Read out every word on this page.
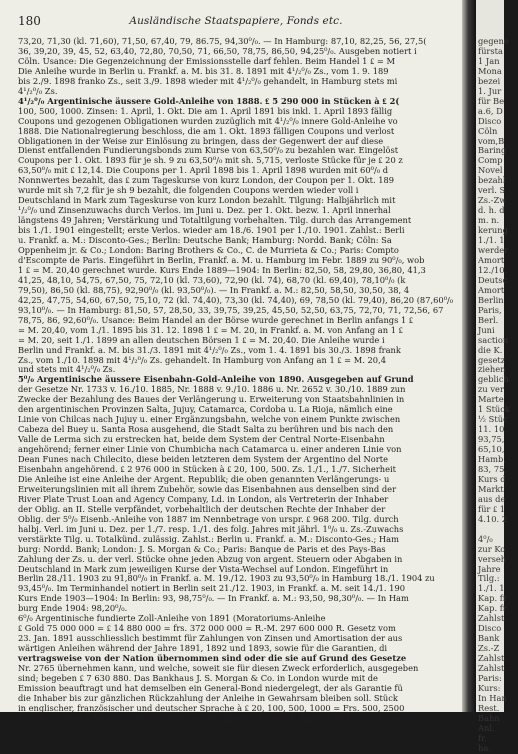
180	Ausländische Staatspapiere, Fonds etc.
73,20, 71,30 (kl. 71,60), 71,50, 67,40, 79, 86.75, 94,30⁰/₀. — In Hamburg: 87,10, 82,25, 56, 27,5(
36, 39,20, 39, 45, 52, 63,40, 72,80, 70,50, 71, 66,50, 78,75, 86,50, 94,25⁰/₀. Ausgeben notiert i
Cöln. Usance: Die Gegenzeichnung der Emissionsstelle darf fehlen. Beim Handel 1 ₤ = M
Die Anleihe wurde in Berlin u. Frankf. a. M. bis 31. 8. 1891 mit 4¹/₂⁰/₀ Zs., vom 1. 9. 189
bis 2./9. 1898 franko Zs., seit 3./9. 1898 wieder mit 4¹/₂⁰/₀ gehandelt, in Hamburg stets mi
4¹/₂⁰/₀ Zs.
4¹/₂⁰/₀ Argentinische äussere Gold-Anleihe von 1888. ₤ 5 290 000 in Stücken à ₤ 2(
100, 500, 1000. Zinsen: 1. April, 1. Okt. Die am 1. April 1891 bis inkl. 1. April 1893 fällig
Coupons und gezogenen Obligationen wurden zuzüglich mit 4¹/₂⁰/₀ innere Gold-Anleihe vo
1888. Die Nationalregierung beschloss, die am 1. Okt. 1893 fälligen Coupons und verlost
Obligationen in der Weise zur Einlösung zu bringen, dass der Gegenwert der auf diese
Dienst entfallenden Fundierungsbonds zum Kurse von 63,50⁰/₀ zu bezahlen war. Eingelöst
Coupons per 1. Okt. 1893 für je sh. 9 zu 63,50⁰/₀ mit sh. 5,715, verloste Stücke für je ₤ 20 z
63,50⁰/₀ mit ₤ 12,14. Die Coupons per 1. April 1898 bis 1. April 1898 wurden mit 60⁰/₀ d
Nonnwertes bezahlt, das ₤ zum Tageskurse von kurz London, der Coupon per 1. Okt. 189
wurde mit sh 7,2 für je sh 9 bezahlt, die folgenden Coupons werden wieder voll i
Deutschland in Mark zum Tageskurse von kurz London bezahlt. Tilgung: Halbjährlich mit
¹/₂⁰/₀ und Zinsenzuwachs durch Verlos. im Juni u. Dez. per 1. Okt. bezw. 1. April innerhal
längstens 49 Jahren; Verstärkung und Totaltilgung vorbehalten. Tilg. durch das Arrangement
bis 1./1. 1901 eingestellt; erste Verlos. wieder am 18./6. 1901 per 1./10. 1901. Zahlst.: Berli
u. Frankf. a. M.: Disconto-Ges.; Berlin: Deutsche Bank; Hamburg: Nordd. Bank; Cöln: Sa
Oppenheim jr. & Co.; London: Baring Brothers & Co., C. de Murrieta & Co.; Paris: Compto
d'Escompte de Paris. Eingeführt in Berlin, Frankf. a. M. u. Hamburg im Febr. 1889 zu 90⁰/₀, wob
1 ₤ = M. 20,40 gerechnet wurde. Kurs Ende 1889—1904: In Berlin: 82,50, 58, 29,80, 36,80, 41,3
41,25, 48,10, 54,75, 67,50, 75, 72,10 (kl. 73,60), 72,90 (kl. 74), 68,70 (kl. 69,40), 78,10⁰/₀ (k
79,50), 86,50 (kl. 88,75), 92,90⁰/₀ (kl. 93,50⁰/₀). — In Frankf. a. M.: 82,50, 58,50, 30,50, 38, 4
42,25, 47,75, 54,60, 67,50, 75,10, 72 (kl. 74,40), 73,30 (kl. 74,40), 69, 78,50 (kl. 79,40), 86,20 (87,60⁰/₀
93,10⁰/₀. — In Hamburg: 81,50, 57, 28,50, 33, 39,75, 39,25, 45,50, 52,50, 63,75, 72,70, 71, 72,56, 67
78,75, 86, 92,60⁰/₀. Usance: Beim Handel an der Börse wurde gerechnet in Berlin anfangs 1 ₤
= M. 20,40, vom 1./1. 1895 bis 31. 12. 1898 1 ₤ = M. 20, in Frankf. a. M. von Anfang an 1 ₤
= M. 20, seit 1./1. 1899 an allen deutschen Börsen 1 ₤ = M. 20,40. Die Anleihe wurde i
Berlin und Frankf. a. M. bis 31./3. 1891 mit 4¹/₂⁰/₀ Zs., vom 1. 4. 1891 bis 30./3. 1898 frank
Zs., vom 1./10. 1898 mit 4¹/₂⁰/₀ Zs. gehandelt. In Hamburg von Anfang an 1 ₤ = M. 20,4
und stets mit 4¹/₂⁰/₀ Zs.
5⁰/₀ Argentinische äussere Eisenbahn-Gold-Anleihe von 1890. Ausgegeben auf Grund
der Gesetze Nr. 1733 v. 16./10. 1885, Nr. 1888 v. 9./10. 1886 u. Nr. 2652 v. 30./10. 1889 zun
Zwecke der Bezahlung des Baues der Verlängerung u. Erweiterung von Staatsbahnlinien in
den argentinischen Provinzen Salta, Jujuy, Catamarca, Cordoba u. La Rioja, nämlich eine
Linie von Chilcas nach Jujuy u. einer Ergänzungsbahn, welche von einem Punkte zwischen
Cabeza del Buey u. Santa Rosa ausgehend, die Stadt Salta zu berühren und bis nach den
Valle de Lerma sich zu erstrecken hat, beide dem System der Central Norte-Eisenbahn
angehörend; ferner einer Linie von Chumbicha nach Catamarca u. einer anderen Linie von
Dean Funes nach Chilecito, diese beiden letzteren dem System der Argentino del Norte
Eisenbahn angehörend. ₤ 2 976 000 in Stücken à ₤ 20, 100, 500. Zs. 1./1., 1./7. Sicherheit
Die Anleihe ist eine Anleihe der Argent. Republik; die oben genannten Verlängerungs- u
Erweiterungslinien mit all ihrem Zubehör, sowie das Eisenbahnen aus denselben sind der
River Plate Trust Loan and Agency Company, Ld. in London, als Vertreterin der Inhaber
der Oblig. an II. Stelle verpfändet, vorbehaltlich der deutschen Rechte der Inhaber der
Oblig. der 5⁰/₀ Eisenb.-Anleihe von 1887 im Nennbetrage von urspr. ₤ 968 200. Tilg. durch
halbj. Verl. im Juni u. Dez. per 1./7. resp. 1./1. des folg. Jahres mit jährl. 1⁰/₀ u. Zs.-Zuwachs
verstärkte Tilg. u. Totalkünd. zulässig. Zahlst.: Berlin u. Frankf. a. M.: Disconto-Ges.; Ham
burg: Nordd. Bank; London: J. S. Morgan & Co.; Paris: Banque de Paris et des Pays-Bas
Zahlung der Zs. u. der verl. Stücke ohne jeden Abzug von argent. Steuern oder Abgaben in
Deutschland in Mark zum jeweiligen Kurse der Vista-Wechsel auf London. Eingeführt in
Berlin 28./11. 1903 zu 91,80⁰/₀ in Frankf. a. M. 19./12. 1903 zu 93,50⁰/₀ in Hamburg 18./1. 1904 zu
93,45⁰/₀. Im Terminhandel notiert in Berlin seit 21./12. 1903, in Frankf. a. M. seit 14./1. 190
Kurs Ende 1903—1904: In Berlin: 93, 98,75⁰/₀. — In Frankf. a. M.: 93,50, 98,30⁰/₀. — In Ham
burg Ende 1904: 98,20⁰/₀.
6⁰/₀ Argentinische fundierte Zoll-Anleihe von 1891 (Moratoriums-Anleihe
₤ Gold 75 000 000 = ₤ 14 880 000 = frs. 372 000 000 = R.-M. 297 600 000 R. Gesetz vom
23. Jan. 1891 ausschliesslich bestimmt für Zahlungen von Zinsen und Amortisation der aus
wärtigen Anleihen während der Jahre 1891, 1892 und 1893, sowie für die Garantien, di
vertragsweise von der Nation übernommen sind oder die sie auf Grund des Gesetze
Nr. 2765 übernehmen kann, und welche, soweit sie für diesen Zweck erforderlich, ausgegeben
sind; begeben ₤ 7 630 880. Das Bankhaus J. S. Morgan & Co. in London wurde mit de
Emission beauftragt und hat demselben ein General-Bond niedergelegt, der als Garantie fü
die Inhaber bis zur gänzlichen Rückzahlung der Anleihe in Gewahrsam bleiben soll. Stück
in englischer, französischer und deutscher Sprache à ₤ 20, 100, 500, 1000 = Frs. 500, 2500
12 500, 25 000 = M. 400, 2000, 10 000, 20 000. Zinsen: 1. Jan., 1. April, 1. Juli, 1. Okt. Ge
gegene
fürsta
1 Jan
Mona
bezei
1. Jur
für Be
a.6, D
Disco
Cöln
vom,B
Baring
Comp
Novel
bezahl
verl. S
Zs.-Zw
d. h. d
m. n.
kerung
1./1. 1
werder
Amort
12./10.
Deutsc
Amort
Berlin
Paris,
Berl.
Juni
saction
die K.
gesetz
ziehen
geblich
zu ver
Marte
1 Stück
½ Stüc
11. 10.
93,75,
65,10,
Hamb.
83, 75,
Kurs d
Markt
aus de
für ₤ 1
4.10. 2

4⁰/₀
zur Ko
verseh
Jahre
Tilg.:
1./1. 1
Kap. fr
Kap. fr
Zahlst.
Disco
Bank
Zs.-Z
Zahlst.
Zahlst.
Paris:
Kurs:
In Han
Rest.
Bahn
Anl.
fr.
ha.
